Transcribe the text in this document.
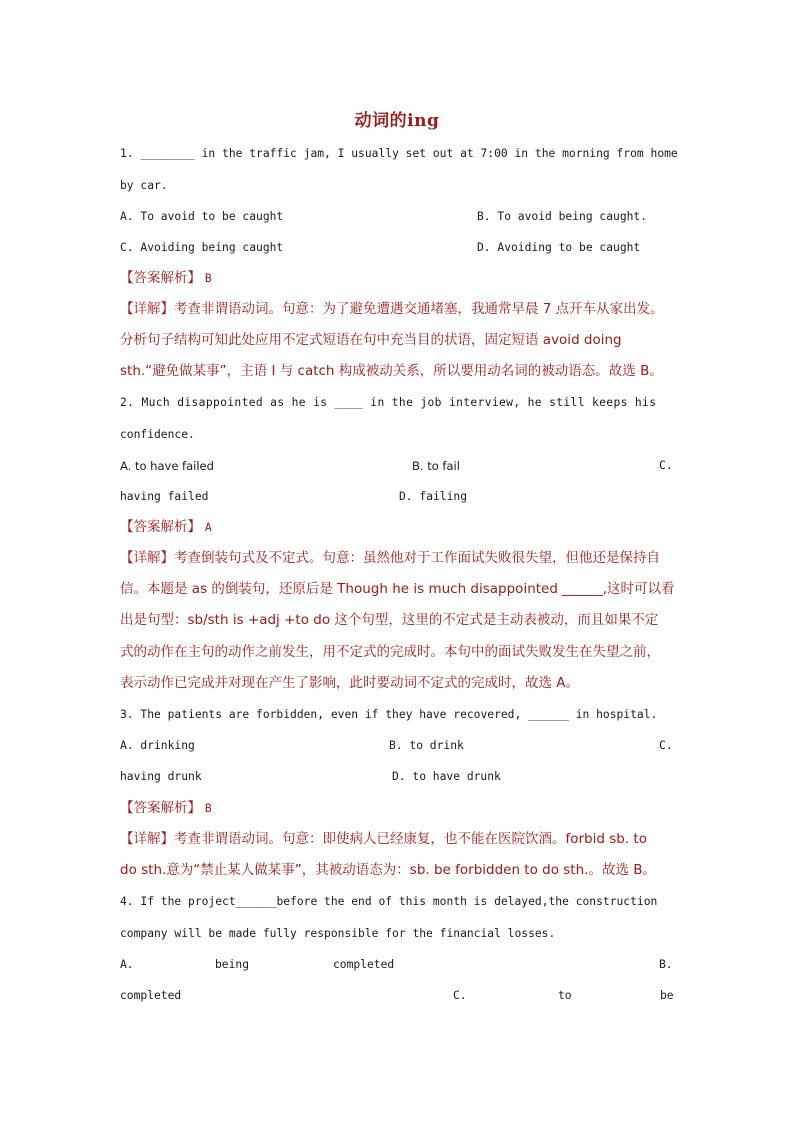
动词的ing
1. ________ in the traffic jam, I usually set out at 7:00 in the morning from home
by car.
A. To avoid to be caught	B. To avoid being caught.
C. Avoiding being caught	D. Avoiding to be caught
【答案解析】 B
【详解】考查非谓语动词。句意：为了避免遭遇交通堵塞，我通常早晨 7 点开车从家出发。
分析句子结构可知此处应用不定式短语在句中充当目的状语，固定短语 avoid doing
sth.“避免做某事”，主语 I 与 catch 构成被动关系，所以要用动名词的被动语态。故选 B。
2. Much disappointed as he is ____ in the job interview, he still keeps his
confidence.
A. to have failed	B. to fail	C.
having failed	D. failing
【答案解析】 A
【详解】考查倒装句式及不定式。句意：虽然他对于工作面试失败很失望，但他还是保持自
信。本题是 as 的倒装句，还原后是 Though he is much disappointed ______,这时可以看
出是句型：sb/sth is +adj +to do 这个句型，这里的不定式是主动表被动，而且如果不定
式的动作在主句的动作之前发生，用不定式的完成时。本句中的面试失败发生在失望之前，
表示动作已完成并对现在产生了影响，此时要动词不定式的完成时，故选 A。
3. The patients are forbidden, even if they have recovered, ______ in hospital.
A. drinking	B. to drink	C.
having drunk	D. to have drunk
【答案解析】 B
【详解】考查非谓语动词。句意：即使病人已经康复，也不能在医院饮酒。forbid sb. to
do sth.意为“禁止某人做某事”，其被动语态为：sb. be forbidden to do sth.。故选 B。
4. If the project______before the end of this month is delayed,the construction
company will be made fully responsible for the financial losses.
A.	being	completed	B.
completed	C.	to	be
